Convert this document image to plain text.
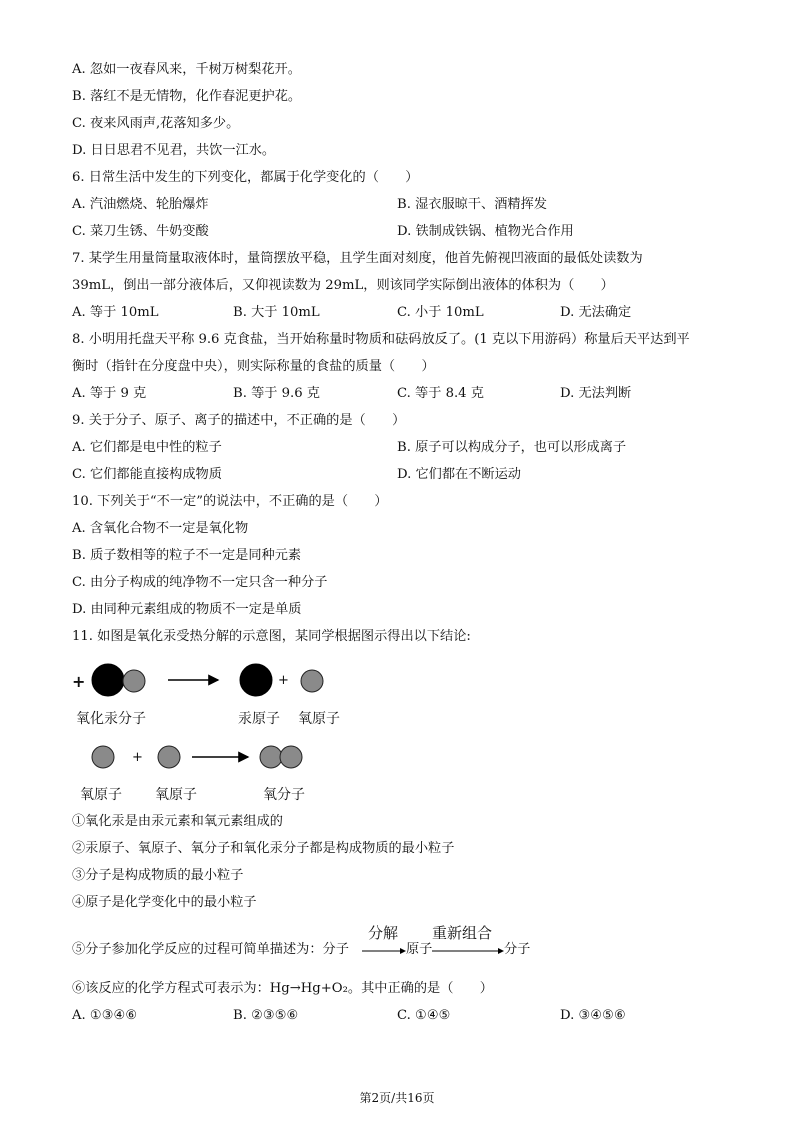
A. 忽如一夜春风来，千树万树梨花开。
B. 落红不是无情物，化作春泥更护花。
C. 夜来风雨声,花落知多少。
D. 日日思君不见君，共饮一江水。
6. 日常生活中发生的下列变化，都属于化学变化的（　　）
A. 汽油燃烧、轮胎爆炸	B. 湿衣服晾干、酒精挥发
C. 菜刀生锈、牛奶变酸	D. 铁制成铁锅、植物光合作用
7. 某学生用量筒量取液体时，量筒摆放平稳，且学生面对刻度，他首先俯视凹液面的最低处读数为
39mL，倒出一部分液体后，又仰视读数为 29mL，则该同学实际倒出液体的体积为（　　）
A. 等于 10mL	B. 大于 10mL	C. 小于 10mL	D. 无法确定
8. 小明用托盘天平称 9.6 克食盐，当开始称量时物质和砝码放反了。(1 克以下用游码）称量后天平达到平
衡时（指针在分度盘中央），则实际称量的食盐的质量（　　）
A. 等于 9 克	B. 等于 9.6 克	C. 等于 8.4 克	D. 无法判断
9. 关于分子、原子、离子的描述中，不正确的是（　　）
A. 它们都是电中性的粒子	B. 原子可以构成分子，也可以形成离子
C. 它们都能直接构成物质	D. 它们都在不断运动
10. 下列关于“不一定”的说法中，不正确的是（　　）
A. 含氧化合物不一定是氧化物
B. 质子数相等的粒子不一定是同种元素
C. 由分子构成的纯净物不一定只含一种分子
D. 由同种元素组成的物质不一定是单质
11. 如图是氧化汞受热分解的示意图，某同学根据图示得出以下结论:
+	+
+
氧化汞分子	汞原子 氧原子
氧原子 氧原子	氧分子
①氧化汞是由汞元素和氧元素组成的
②汞原子、氧原子、氧分子和氧化汞分子都是构成物质的最小粒子
③分子是构成物质的最小粒子
④原子是化学变化中的最小粒子
⑤分子参加化学反应的过程可简单描述为：分子
分解
原子
重新组合
分子
⑥该反应的化学方程式可表示为：Hg→Hg+O₂。其中正确的是（　　）
A. ①③④⑥	B. ②③⑤⑥	C. ①④⑤	D. ③④⑤⑥
第2页/共16页
